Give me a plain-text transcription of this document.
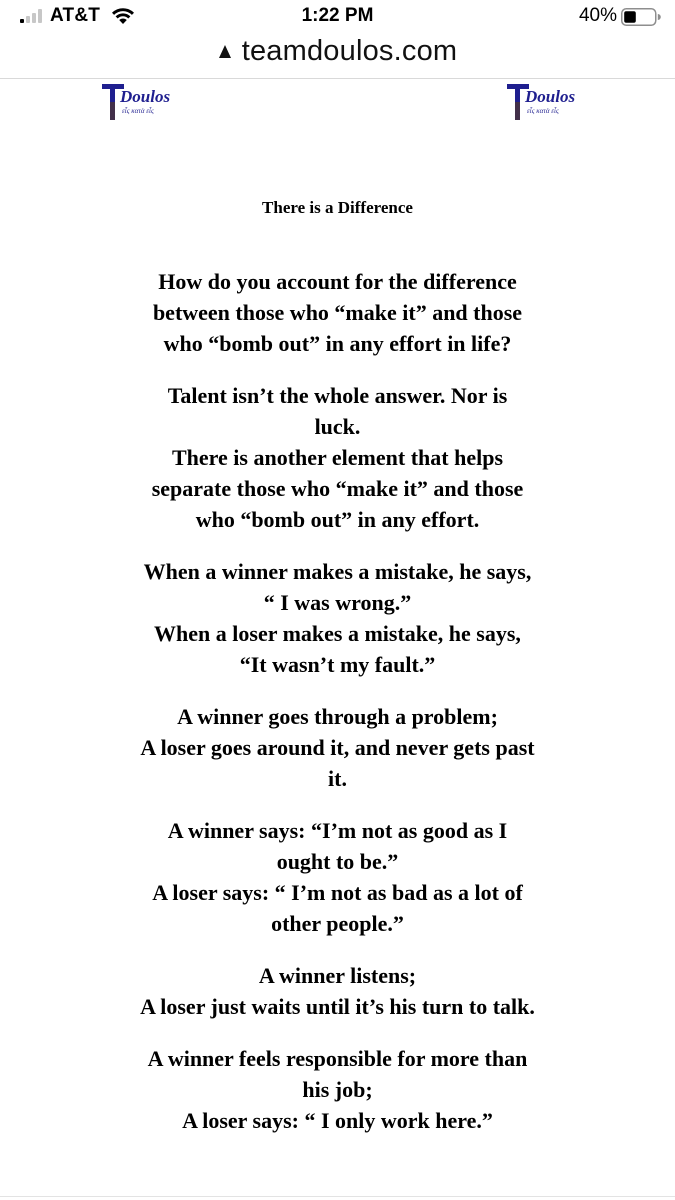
AT&T	1:22 PM	40%
teamdoulos.com
Doulos
εἷς κατὰ εἷς
Doulos
εἷς κατὰ εἷς
There is a Difference

How do you account for the difference
between those who “make it” and those
who “bomb out” in any effort in life?

Talent isn’t the whole answer. Nor is
luck.
There is another element that helps
separate those who “make it” and those
who “bomb out” in any effort.

When a winner makes a mistake, he says,
“ I was wrong.”
When a loser makes a mistake, he says,
“It wasn’t my fault.”

A winner goes through a problem;
A loser goes around it, and never gets past
it.

A winner says: “I’m not as good as I
ought to be.”
A loser says: “ I’m not as bad as a lot of
other people.”

A winner listens;
A loser just waits until it’s his turn to talk.

A winner feels responsible for more than
his job;
A loser says: “ I only work here.”
